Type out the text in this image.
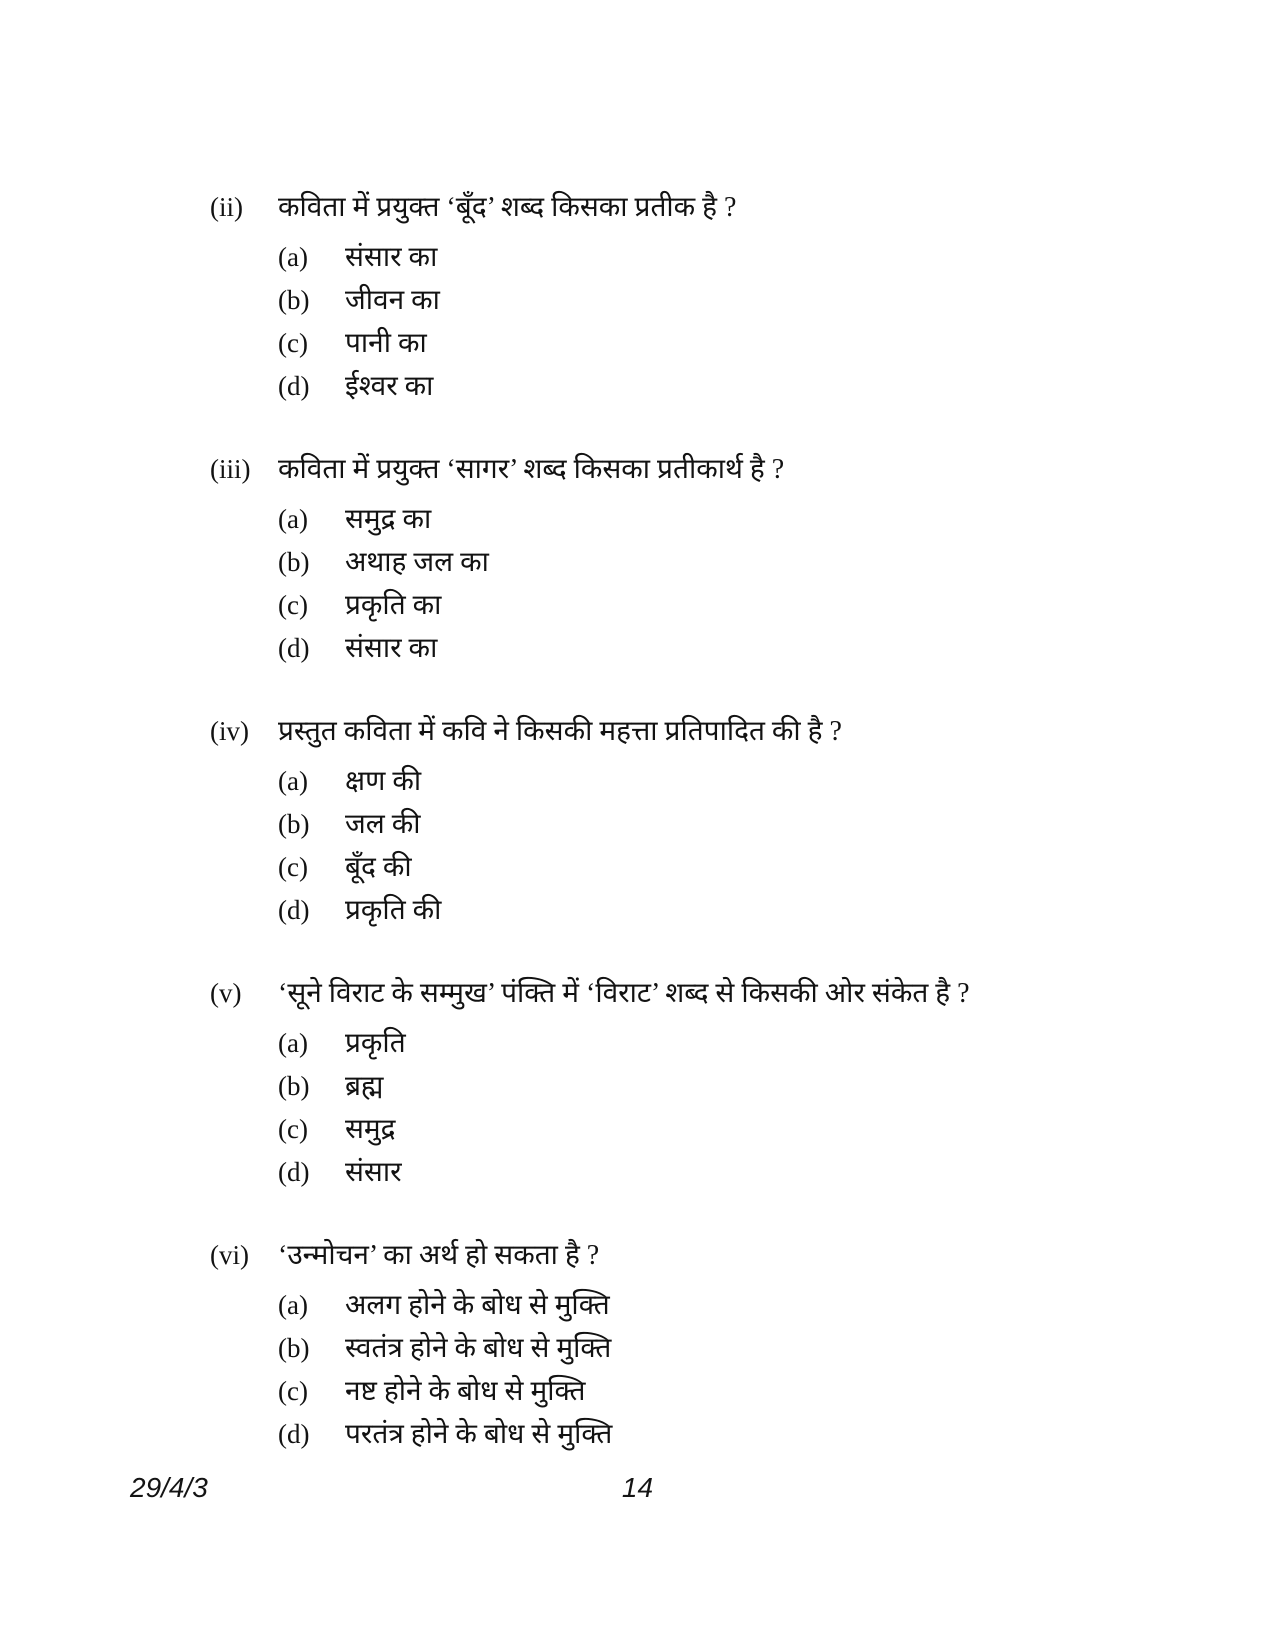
(ii)	कविता में प्रयुक्त ‘बूँद’ शब्द किसका प्रतीक है ?
(a)	संसार का
(b)	जीवन का
(c)	पानी का
(d)	ईश्वर का
(iii) कविता में प्रयुक्त ‘सागर’ शब्द किसका प्रतीकार्थ है ?
(a)	समुद्र का
(b)	अथाह जल का
(c)	प्रकृति का
(d)	संसार का
(iv)	प्रस्तुत कविता में कवि ने किसकी महत्ता प्रतिपादित की है ?
(a)	क्षण की
(b)	जल की
(c)	बूँद की
(d)	प्रकृति की
(v)	‘सूने विराट के सम्मुख’ पंक्ति में ‘विराट’ शब्द से किसकी ओर संकेत है ?
(a)	प्रकृति
(b)	ब्रह्म
(c)	समुद्र
(d)	संसार
(vi)	‘उन्मोचन’ का अर्थ हो सकता है ?
(a)	अलग होने के बोध से मुक्ति
(b)	स्वतंत्र होने के बोध से मुक्ति
(c)	नष्ट होने के बोध से मुक्ति
(d)	परतंत्र होने के बोध से मुक्ति
29/4/3	14
